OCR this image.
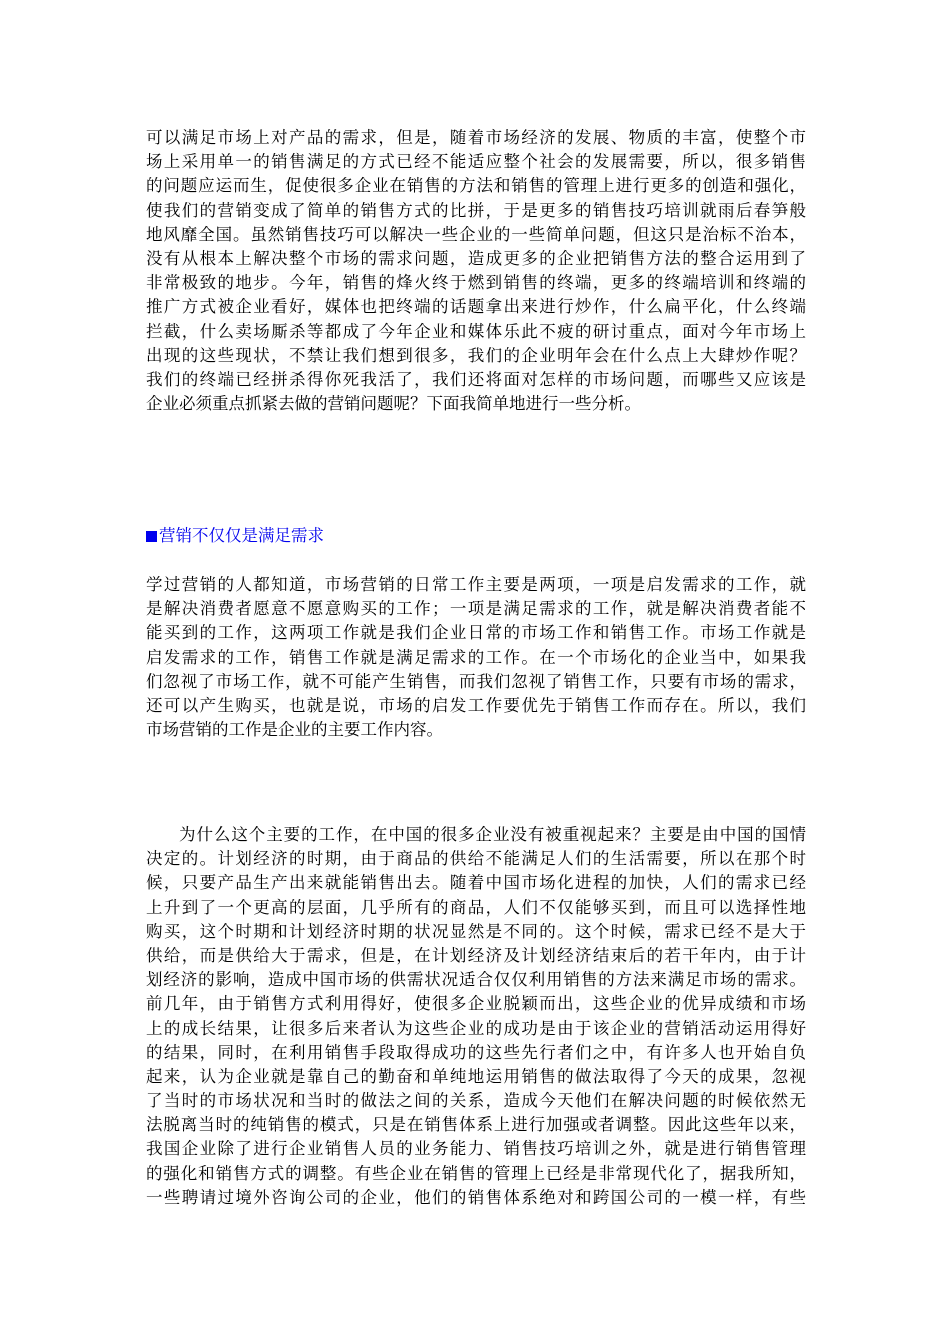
可以满足市场上对产品的需求，但是，随着市场经济的发展、物质的丰富，使整个市
场上采用单一的销售满足的方式已经不能适应整个社会的发展需要，所以，很多销售
的问题应运而生，促使很多企业在销售的方法和销售的管理上进行更多的创造和强化，
使我们的营销变成了简单的销售方式的比拼，于是更多的销售技巧培训就雨后春笋般
地风靡全国。虽然销售技巧可以解决一些企业的一些简单问题，但这只是治标不治本，
没有从根本上解决整个市场的需求问题，造成更多的企业把销售方法的整合运用到了
非常极致的地步。今年，销售的烽火终于燃到销售的终端，更多的终端培训和终端的
推广方式被企业看好，媒体也把终端的话题拿出来进行炒作，什么扁平化，什么终端
拦截，什么卖场厮杀等都成了今年企业和媒体乐此不疲的研讨重点，面对今年市场上
出现的这些现状，不禁让我们想到很多，我们的企业明年会在什么点上大肆炒作呢？
我们的终端已经拼杀得你死我活了，我们还将面对怎样的市场问题，而哪些又应该是
企业必须重点抓紧去做的营销问题呢？下面我简单地进行一些分析。
营销不仅仅是满足需求
学过营销的人都知道，市场营销的日常工作主要是两项，一项是启发需求的工作，就
是解决消费者愿意不愿意购买的工作；一项是满足需求的工作，就是解决消费者能不
能买到的工作，这两项工作就是我们企业日常的市场工作和销售工作。市场工作就是
启发需求的工作，销售工作就是满足需求的工作。在一个市场化的企业当中，如果我
们忽视了市场工作，就不可能产生销售，而我们忽视了销售工作，只要有市场的需求，
还可以产生购买，也就是说，市场的启发工作要优先于销售工作而存在。所以，我们
市场营销的工作是企业的主要工作内容。
为什么这个主要的工作，在中国的很多企业没有被重视起来？主要是由中国的国情
决定的。计划经济的时期，由于商品的供给不能满足人们的生活需要，所以在那个时
候，只要产品生产出来就能销售出去。随着中国市场化进程的加快，人们的需求已经
上升到了一个更高的层面，几乎所有的商品，人们不仅能够买到，而且可以选择性地
购买，这个时期和计划经济时期的状况显然是不同的。这个时候，需求已经不是大于
供给，而是供给大于需求，但是，在计划经济及计划经济结束后的若干年内，由于计
划经济的影响，造成中国市场的供需状况适合仅仅利用销售的方法来满足市场的需求。
前几年，由于销售方式利用得好，使很多企业脱颖而出，这些企业的优异成绩和市场
上的成长结果，让很多后来者认为这些企业的成功是由于该企业的营销活动运用得好
的结果，同时，在利用销售手段取得成功的这些先行者们之中，有许多人也开始自负
起来，认为企业就是靠自己的勤奋和单纯地运用销售的做法取得了今天的成果，忽视
了当时的市场状况和当时的做法之间的关系，造成今天他们在解决问题的时候依然无
法脱离当时的纯销售的模式，只是在销售体系上进行加强或者调整。因此这些年以来，
我国企业除了进行企业销售人员的业务能力、销售技巧培训之外，就是进行销售管理
的强化和销售方式的调整。有些企业在销售的管理上已经是非常现代化了，据我所知，
一些聘请过境外咨询公司的企业，他们的销售体系绝对和跨国公司的一模一样，有些
